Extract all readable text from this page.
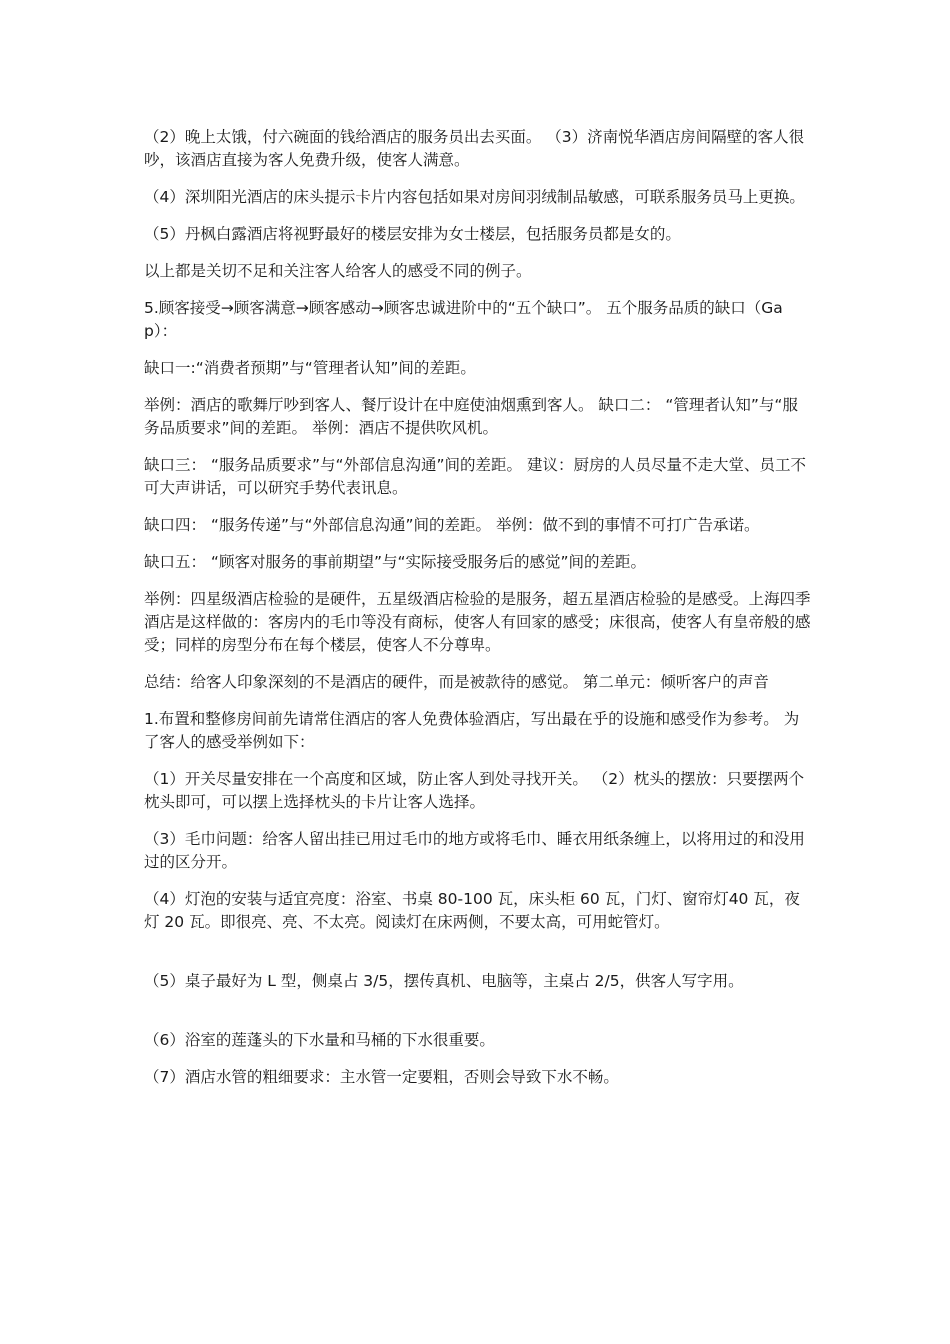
（2）晚上太饿，付六碗面的钱给酒店的服务员出去买面。 （3）济南悦华酒店房间隔壁的客人很吵，该酒店直接为客人免费升级，使客人满意。

（4）深圳阳光酒店的床头提示卡片内容包括如果对房间羽绒制品敏感，可联系服务员马上更换。

（5）丹枫白露酒店将视野最好的楼层安排为女士楼层，包括服务员都是女的。

以上都是关切不足和关注客人给客人的感受不同的例子。

5.顾客接受→顾客满意→顾客感动→顾客忠诚进阶中的“五个缺口”。 五个服务品质的缺口（Gap）：

缺口一:“消费者预期”与“管理者认知”间的差距。

举例：酒店的歌舞厅吵到客人、餐厅设计在中庭使油烟熏到客人。 缺口二： “管理者认知”与“服务品质要求”间的差距。 举例：酒店不提供吹风机。

缺口三： “服务品质要求”与“外部信息沟通”间的差距。 建议：厨房的人员尽量不走大堂、员工不可大声讲话，可以研究手势代表讯息。

缺口四： “服务传递”与“外部信息沟通”间的差距。 举例：做不到的事情不可打广告承诺。

缺口五： “顾客对服务的事前期望”与“实际接受服务后的感觉”间的差距。

举例：四星级酒店检验的是硬件，五星级酒店检验的是服务，超五星酒店检验的是感受。上海四季酒店是这样做的：客房内的毛巾等没有商标，使客人有回家的感受；床很高，使客人有皇帝般的感受；同样的房型分布在每个楼层，使客人不分尊卑。

总结：给客人印象深刻的不是酒店的硬件，而是被款待的感觉。 第二单元：倾听客户的声音

1.布置和整修房间前先请常住酒店的客人免费体验酒店，写出最在乎的设施和感受作为参考。 为了客人的感受举例如下：

（1）开关尽量安排在一个高度和区域，防止客人到处寻找开关。 （2）枕头的摆放：只要摆两个枕头即可，可以摆上选择枕头的卡片让客人选择。

（3）毛巾问题：给客人留出挂已用过毛巾的地方或将毛巾、睡衣用纸条缠上，以将用过的和没用过的区分开。

（4）灯泡的安装与适宜亮度：浴室、书桌 80-100 瓦，床头柜 60 瓦，门灯、窗帘灯40 瓦，夜灯 20 瓦。即很亮、亮、不太亮。阅读灯在床两侧，不要太高，可用蛇管灯。

（5）桌子最好为 L 型，侧桌占 3/5，摆传真机、电脑等，主桌占 2/5，供客人写字用。

（6）浴室的莲蓬头的下水量和马桶的下水很重要。

（7）酒店水管的粗细要求：主水管一定要粗，否则会导致下水不畅。
